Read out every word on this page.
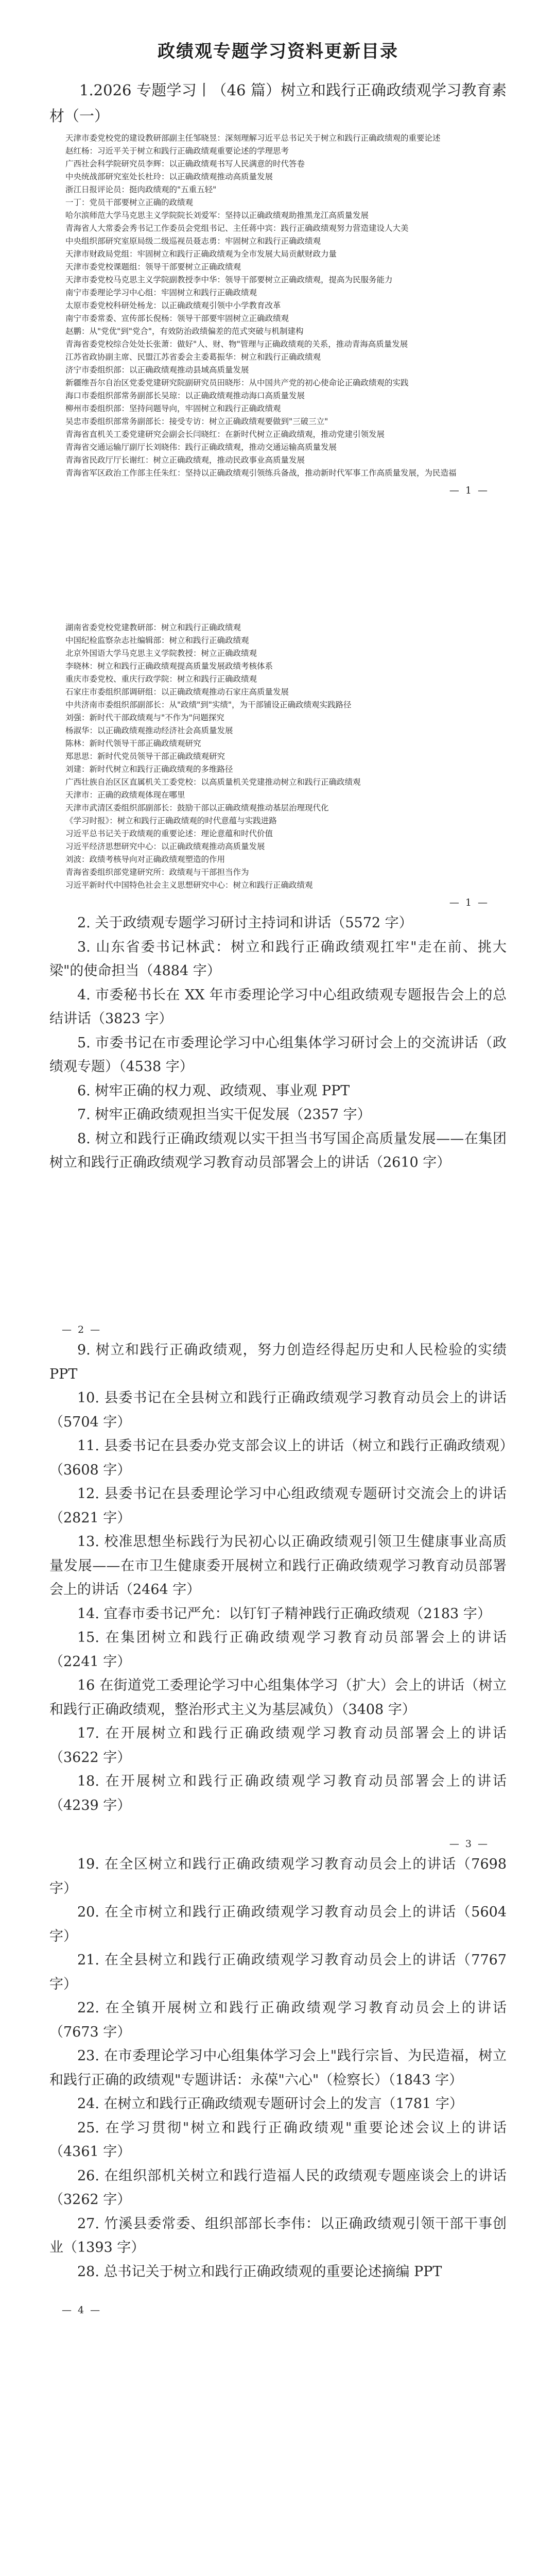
政绩观专题学习资料更新目录

1.2026 专题学习丨（46 篇）树立和践行正确政绩观学习教育素材（一）

天津市委党校党的建设教研部副主任邹晓昱：深刻理解习近平总书记关于树立和践行正确政绩观的重要论述

赵红杨：习近平关于树立和践行正确政绩观重要论述的学理思考

广西社会科学院研究员李辉：以正确政绩观书写人民满意的时代答卷

中央统战部研究室处长杜玲：以正确政绩观推动高质量发展

浙江日报评论员：挺肉政绩观的"五重五轻"

一丁：党员干部要树立正确的政绩观

哈尔滨师范大学马克思主义学院院长刘爱军：坚持以正确政绩观助推黑龙江高质量发展

青海省人大常委会秀书记工作委员会党组书记、主任蒋中宾：践行正确政绩观努力营造建设人大美

中央组织部研究室原局级二级巡视员聂志勇：牢固树立和践行正确政绩观

天津市财政局党组：牢固树立和践行正确政绩观为全市发展大局贡献财政力量

天津市委党校课题组：领导干部要树立正确政绩观

天津市委党校马克思主义学院副教授李中华：领导干部要树立正确政绩观，提高为民服务能力

南宁市委理论学习中心组：牢固树立和践行正确政绩观

太原市委党校科研处杨龙：以正确政绩观引领中小学教育改革

南宁市委常委、宣传部长倪杨：领导干部要牢固树立正确政绩观

赵鹏：从"党优"到"党合"，有效防治政绩偏差的范式突破与机制建构

青海省委党校综合处处长张萧：做好"人、财、物"管理与正确政绩观的关系，推动青海高质量发展

江苏省政协副主席、民盟江苏省委会主委葛振华：树立和践行正确政绩观

济宁市委组织部：以正确政绩观推动县域高质量发展

新疆维吾尔自治区党委党建研究院副研究员田晓彤：从中国共产党的初心使命论正确政绩观的实践

海口市委组织部常务副部长吴琼：以正确政绩观推动海口高质量发展

柳州市委组织部：坚持问题导向，牢固树立和践行正确政绩观

吴忠市委组织部常务副部长：接受专访：树立正确政绩观要做到"三破三立"

青海省直机关工委党建研究会副会长闫晓红：在新时代树立正确政绩观，推动党建引领发展

青海省交通运输厅副厅长刘晓伟：践行正确政绩观，推动交通运输高质量发展

青海省民政厅厅长谢红：树立正确政绩观，推动民政事业高质量发展

青海省军区政治工作部主任朱红：坚持以正确政绩观引领练兵备战，推动新时代军事工作高质量发展，为民造福

— 1 —

湖南省委党校党建教研部：树立和践行正确政绩观

中国纪检监察杂志社编辑部：树立和践行正确政绩观

北京外国语大学马克思主义学院教授：树立正确政绩观

李晓林：树立和践行正确政绩观提高质量发展政绩考核体系

重庆市委党校、重庆行政学院：树立和践行正确政绩观

石家庄市委组织部调研组：以正确政绩观推动石家庄高质量发展

中共济南市委组织部副部长：从"政绩"到"实绩"，为干部铺设正确政绩观实践路径

刘强：新时代干部政绩观与"不作为"问题探究

杨淑华：以正确政绩观推动经济社会高质量发展

陈林：新时代领导干部正确政绩观研究

郑思思：新时代党员领导干部正确政绩观研究

刘建：新时代树立和践行正确政绩观的多维路径

广西壮族自治区区直属机关工委党校：以高质量机关党建推动树立和践行正确政绩观

天津市：正确的政绩观体现在哪里

天津市武清区委组织部副部长：鼓励干部以正确政绩观推动基层治理现代化

《学习时报》：树立和践行正确政绩观的时代意蕴与实践进路

习近平总书记关于政绩观的重要论述：理论意蕴和时代价值

习近平经济思想研究中心：以正确政绩观推动高质量发展

刘波：政绩考核导向对正确政绩观塑造的作用

青海省委组织部党建研究所：政绩观与干部担当作为

习近平新时代中国特色社会主义思想研究中心：树立和践行正确政绩观

— 1 —

2. 关于政绩观专题学习研讨主持词和讲话（5572 字）

3. 山东省委书记林武：树立和践行正确政绩观扛牢"走在前、挑大梁"的使命担当（4884 字）

4. 市委秘书长在 XX 年市委理论学习中心组政绩观专题报告会上的总结讲话（3823 字）

5. 市委书记在市委理论学习中心组集体学习研讨会上的交流讲话（政绩观专题）（4538 字）

6. 树牢正确的权力观、政绩观、事业观 PPT

7. 树牢正确政绩观担当实干促发展（2357 字）

8. 树立和践行正确政绩观以实干担当书写国企高质量发展——在集团树立和践行正确政绩观学习教育动员部署会上的讲话（2610 字）

— 2 —

9. 树立和践行正确政绩观，努力创造经得起历史和人民检验的实绩 PPT

10. 县委书记在全县树立和践行正确政绩观学习教育动员会上的讲话（5704 字）

11. 县委书记在县委办党支部会议上的讲话（树立和践行正确政绩观）（3608 字）

12. 县委书记在县委理论学习中心组政绩观专题研讨交流会上的讲话（2821 字）

13. 校准思想坐标践行为民初心以正确政绩观引领卫生健康事业高质量发展——在市卫生健康委开展树立和践行正确政绩观学习教育动员部署会上的讲话（2464 字）

14. 宜春市委书记严允：以钉钉子精神践行正确政绩观（2183 字）

15. 在集团树立和践行正确政绩观学习教育动员部署会上的讲话（2241 字）

16 在街道党工委理论学习中心组集体学习（扩大）会上的讲话（树立和践行正确政绩观，整治形式主义为基层减负）（3408 字）

17. 在开展树立和践行正确政绩观学习教育动员部署会上的讲话（3622 字）

18. 在开展树立和践行正确政绩观学习教育动员部署会上的讲话（4239 字）

— 3 —

19. 在全区树立和践行正确政绩观学习教育动员会上的讲话（7698 字）

20. 在全市树立和践行正确政绩观学习教育动员会上的讲话（5604 字）

21. 在全县树立和践行正确政绩观学习教育动员会上的讲话（7767 字）

22. 在全镇开展树立和践行正确政绩观学习教育动员会上的讲话（7673 字）

23. 在市委理论学习中心组集体学习会上"践行宗旨、为民造福，树立和践行正确的政绩观"专题讲话：永葆"六心"（检察长）（1843 字）

24. 在树立和践行正确政绩观专题研讨会上的发言（1781 字）

25. 在学习贯彻"树立和践行正确政绩观"重要论述会议上的讲话（4361 字）

26. 在组织部机关树立和践行造福人民的政绩观专题座谈会上的讲话（3262 字）

27. 竹溪县委常委、组织部部长李伟：以正确政绩观引领干部干事创业（1393 字）

28. 总书记关于树立和践行正确政绩观的重要论述摘编 PPT

— 4 —
